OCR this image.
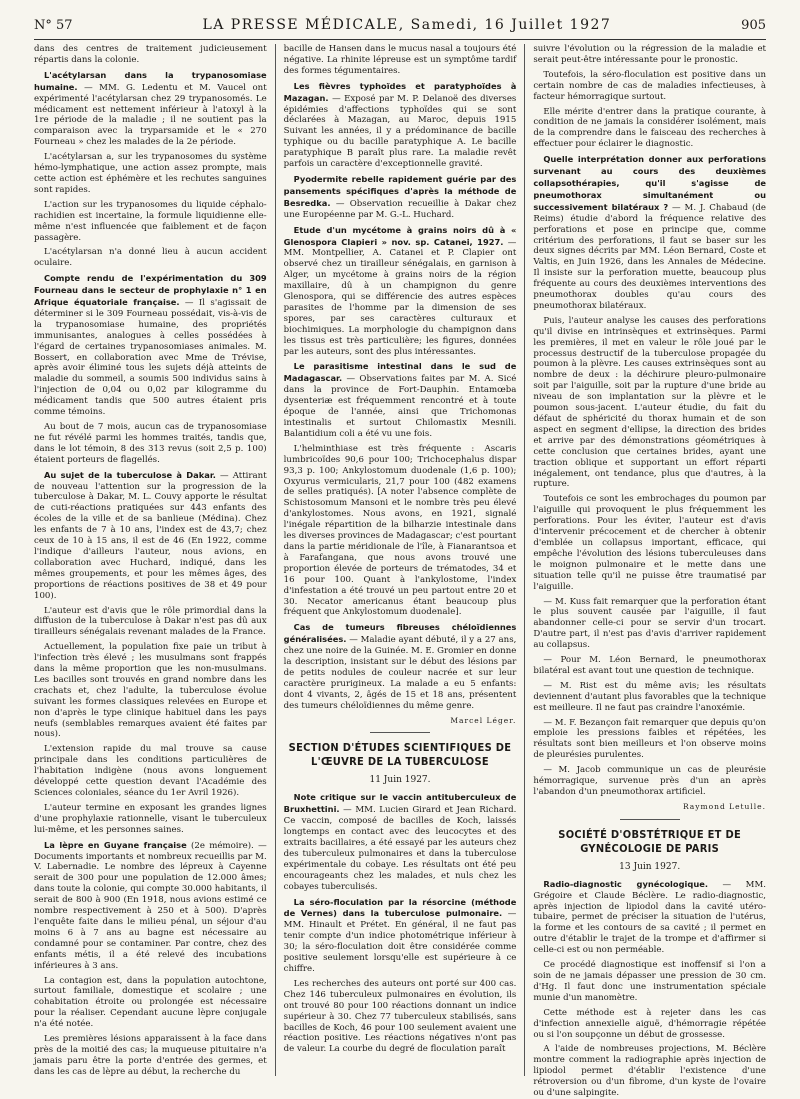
N° 57	LA PRESSE MÉDICALE, Samedi, 16 Juillet 1927	905

dans des centres de traitement judicieusement répartis dans la colonie.

L'acétylarsan dans la trypanosomiase humaine. — MM. G. Ledentu et M. Vaucel ont expérimenté l'acétylarsan chez 29 trypanosomés. Le médicament est nettement inférieur à l'atoxyl à la 1re période de la maladie ; il ne soutient pas la comparaison avec la tryparsamide et le « 270 Fourneau » chez les malades de la 2e période.

L'acétylarsan a, sur les trypanosomes du système hémo-lymphatique, une action assez prompte, mais cette action est éphémère et les rechutes sanguines sont rapides.

L'action sur les trypanosomes du liquide céphalo-rachidien est incertaine, la formule liquidienne elle-même n'est influencée que faiblement et de façon passagère.

L'acétylarsan n'a donné lieu à aucun accident oculaire.

Compte rendu de l'expérimentation du 309 Fourneau dans le secteur de prophylaxie n° 1 en Afrique équatoriale française. — Il s'agissait de déterminer si le 309 Fourneau possédait, vis-à-vis de la trypanosomiase humaine, des propriétés immunisantes, analogues à celles possédées à l'égard de certaines trypanosomiases animales. M. Bossert, en collaboration avec Mme de Trévise, après avoir éliminé tous les sujets déjà atteints de maladie du sommeil, a soumis 500 individus sains à l'injection de 0,04 ou 0,02 par kilogramme du médicament tandis que 500 autres étaient pris comme témoins.

Au bout de 7 mois, aucun cas de trypanosomiase ne fut révélé parmi les hommes traités, tandis que, dans le lot témoin, 8 des 313 revus (soit 2,5 p. 100) étaient porteurs de flagellés.

Au sujet de la tuberculose à Dakar. — Attirant de nouveau l'attention sur la progression de la tuberculose à Dakar, M. L. Couvy apporte le résultat de cuti-réactions pratiquées sur 443 enfants des écoles de la ville et de sa banlieue (Médina). Chez les enfants de 7 à 10 ans, l'index est de 43,7; chez ceux de 10 à 15 ans, il est de 46 (En 1922, comme l'indique d'ailleurs l'auteur, nous avions, en collaboration avec Huchard, indiqué, dans les mêmes groupements, et pour les mêmes âges, des proportions de réactions positives de 38 et 49 pour 100).

L'auteur est d'avis que le rôle primordial dans la diffusion de la tuberculose à Dakar n'est pas dû aux tirailleurs sénégalais revenant malades de la France.

Actuellement, la population fixe paie un tribut à l'infection très élevé ; les musulmans sont frappés dans la même proportion que les non-musulmans. Les bacilles sont trouvés en grand nombre dans les crachats et, chez l'adulte, la tuberculose évolue suivant les formes classiques relevées en Europe et non d'après le type clinique habituel dans les pays neufs (semblables remarques avaient été faites par nous).

L'extension rapide du mal trouve sa cause principale dans les conditions particulières de l'habitation indigène (nous avons longuement développé cette question devant l'Académie des Sciences coloniales, séance du 1er Avril 1926).

L'auteur termine en exposant les grandes lignes d'une prophylaxie rationnelle, visant le tuberculeux lui-même, et les personnes saines.

La lèpre en Guyane française (2e mémoire). — Documents importants et nombreux recueillis par M. V. Labernadie. Le nombre des lépreux à Cayenne serait de 300 pour une population de 12.000 âmes; dans toute la colonie, qui compte 30.000 habitants, il serait de 800 à 900 (En 1918, nous avions estimé ce nombre respectivement à 250 et à 500). D'après l'enquête faite dans le milieu pénal, un séjour d'au moins 6 à 7 ans au bagne est nécessaire au condamné pour se contaminer. Par contre, chez des enfants métis, il a été relevé des incubations inférieures à 3 ans.

La contagion est, dans la population autochtone, surtout familiale, domestique et scolaire ; une cohabitation étroite ou prolongée est nécessaire pour la réaliser. Cependant aucune lèpre conjugale n'a été notée.

Les premières lésions apparaissent à la face dans près de la moitié des cas; la muqueuse pituitaire n'a jamais paru être la porte d'entrée des germes, et dans les cas de lèpre au début, la recherche du

bacille de Hansen dans le mucus nasal a toujours été négative. La rhinite lépreuse est un symptôme tardif des formes tégumentaires.

Les fièvres typhoïdes et paratyphoïdes à Mazagan. — Exposé par M. P. Delanoë des diverses épidémies d'affections typhoïdes qui se sont déclarées à Mazagan, au Maroc, depuis 1915 Suivant les années, il y a prédominance de bacille typhique ou du bacille paratyphique A. Le bacille paratyphique B paraît plus rare. La maladie revêt parfois un caractère d'exceptionnelle gravité.

Pyodermite rebelle rapidement guérie par des pansements spécifiques d'après la méthode de Besredka. — Observation recueillie à Dakar chez une Européenne par M. G.-L. Huchard.

Etude d'un mycétome à grains noirs dû à « Glenospora Clapieri » nov. sp. Catanei, 1927. — MM. Montpellier, A. Catanei et P. Clapier ont observé chez un tirailleur sénégalais, en garnison à Alger, un mycétome à grains noirs de la région maxillaire, dû à un champignon du genre Glenospora, qui se différencie des autres espèces parasites de l'homme par la dimension de ses spores, par ses caractères culturaux et biochimiques. La morphologie du champignon dans les tissus est très particulière; les figures, données par les auteurs, sont des plus intéressantes.

Le parasitisme intestinal dans le sud de Madagascar. — Observations faites par M. A. Sicé dans la province de Fort-Dauphin. Entamœba dysenteriæ est fréquemment rencontré et à toute époque de l'année, ainsi que Trichomonas intestinalis et surtout Chilomastix Mesnili. Balantidium coli a été vu une fois.

L'helminthiase est très fréquente : Ascaris lumbricoïdes 90,6 pour 100; Trichocephalus dispar 93,3 p. 100; Ankylostomum duodenale (1,6 p. 100); Oxyurus vermicularis, 21,7 pour 100 (482 examens de selles pratiqués). [A noter l'absence complète de Schistosomum Mansoni et le nombre très peu élevé d'ankylostomes. Nous avons, en 1921, signalé l'inégale répartition de la bilharzie intestinale dans les diverses provinces de Madagascar; c'est pourtant dans la partie méridionale de l'île, à Fianarantsoa et à Farafangana, que nous avons trouvé une proportion élevée de porteurs de trématodes, 34 et 16 pour 100. Quant à l'ankylostome, l'index d'infestation a été trouvé un peu partout entre 20 et 30. Necator americanus étant beaucoup plus fréquent que Ankylostomum duodenale].

Cas de tumeurs fibreuses chéloïdiennes généralisées. — Maladie ayant débuté, il y a 27 ans, chez une noire de la Guinée. M. E. Gromier en donne la description, insistant sur le début des lésions par de petits nodules de couleur nacrée et sur leur caractère prurigineux. La malade a eu 5 enfants: dont 4 vivants, 2, âgés de 15 et 18 ans, présentent des tumeurs chéloïdiennes du même genre.

Marcel Léger.
SECTION D'ÉTUDES SCIENTIFIQUES DE L'ŒUVRE DE LA TUBERCULOSE
11 Juin 1927.

Note critique sur le vaccin antituberculeux de Bruxhettini. — MM. Lucien Girard et Jean Richard. Ce vaccin, composé de bacilles de Koch, laissés longtemps en contact avec des leucocytes et des extraits bacillaires, a été essayé par les auteurs chez des tuberculeux pulmonaires et dans la tuberculose expérimentale du cobaye. Les résultats ont été peu encourageants chez les malades, et nuls chez les cobayes tuberculisés.

La séro-floculation par la résorcine (méthode de Vernes) dans la tuberculose pulmonaire. — MM. Hinault et Prétet. En général, il ne faut pas tenir compte d'un indice photométrique inférieur à 30; la séro-floculation doit être considérée comme positive seulement lorsqu'elle est supérieure à ce chiffre.

Les recherches des auteurs ont porté sur 400 cas. Chez 146 tuberculeux pulmonaires en évolution, ils ont trouvé 80 pour 100 réactions donnant un indice supérieur à 30. Chez 77 tuberculeux stabilisés, sans bacilles de Koch, 46 pour 100 seulement avaient une réaction positive. Les réactions négatives n'ont pas de valeur. La courbe du degré de floculation paraît

suivre l'évolution ou la régression de la maladie et serait peut-être intéressante pour le pronostic.

Toutefois, la séro-floculation est positive dans un certain nombre de cas de maladies infectieuses, à facteur hémorragique surtout.

Elle mérite d'entrer dans la pratique courante, à condition de ne jamais la considérer isolément, mais de la comprendre dans le faisceau des recherches à effectuer pour éclairer le diagnostic.

Quelle interprétation donner aux perforations survenant au cours des deuxièmes collapsothérapies, qu'il s'agisse de pneumothorax simultanément ou successivement bilatéraux ? — M. J. Chabaud (de Reims) étudie d'abord la fréquence relative des perforations et pose en principe que, comme critérium des perforations, il faut se baser sur les deux signes décrits par MM. Léon Bernard, Coste et Valtis, en Juin 1926, dans les Annales de Médecine. Il insiste sur la perforation muette, beaucoup plus fréquente au cours des deuxièmes interventions des pneumothorax doubles qu'au cours des pneumothorax bilatéraux.

Puis, l'auteur analyse les causes des perforations qu'il divise en intrinsèques et extrinsèques. Parmi les premières, il met en valeur le rôle joué par le processus destructif de la tuberculose propagée du poumon à la plèvre. Les causes extrinsèques sont au nombre de deux : la déchirure pleuro-pulmonaire soit par l'aiguille, soit par la rupture d'une bride au niveau de son implantation sur la plèvre et le poumon sous-jacent. L'auteur étudie, du fait du défaut de sphéricité du thorax humain et de son aspect en segment d'ellipse, la direction des brides et arrive par des démonstrations géométriques à cette conclusion que certaines brides, ayant une traction oblique et supportant un effort réparti inégalement, ont tendance, plus que d'autres, à la rupture.

Toutefois ce sont les embrochages du poumon par l'aiguille qui provoquent le plus fréquemment les perforations. Pour les éviter, l'auteur est d'avis d'intervenir précocement et de chercher à obtenir d'emblée un collapsus important, efficace, qui empêche l'évolution des lésions tuberculeuses dans le moignon pulmonaire et le mette dans une situation telle qu'il ne puisse être traumatisé par l'aiguille.

— M. Kuss fait remarquer que la perforation étant le plus souvent causée par l'aiguille, il faut abandonner celle-ci pour se servir d'un trocart. D'autre part, il n'est pas d'avis d'arriver rapidement au collapsus.

— Pour M. Léon Bernard, le pneumothorax bilatéral est avant tout une question de technique.

— M. Rist est du même avis; les résultats deviennent d'autant plus favorables que la technique est meilleure. Il ne faut pas craindre l'anoxémie.

— M. F. Bezançon fait remarquer que depuis qu'on emploie les pressions faibles et répétées, les résultats sont bien meilleurs et l'on observe moins de pleurésies purulentes.

— M. Jacob communique un cas de pleurésie hémorragique, survenue près d'un an après l'abandon d'un pneumothorax artificiel.

Raymond Letulle.
SOCIÉTÉ D'OBSTÉTRIQUE ET DE GYNÉCOLOGIE DE PARIS
13 Juin 1927.

Radio-diagnostic gynécologique. — MM. Grégoire et Claude Béclère. Le radio-diagnostic, après injection de lipiodol dans la cavité utéro-tubaire, permet de préciser la situation de l'utérus, la forme et les contours de sa cavité ; il permet en outre d'établir le trajet de la trompe et d'affirmer si celle-ci est ou non perméable.

Ce procédé diagnostique est inoffensif si l'on a soin de ne jamais dépasser une pression de 30 cm. d'Hg. Il faut donc une instrumentation spéciale munie d'un manomètre.

Cette méthode est à rejeter dans les cas d'infection annexielle aiguë, d'hémorragie répétée ou si l'on soupçonne un début de grossesse.

A l'aide de nombreuses projections, M. Béclère montre comment la radiographie après injection de lipiodol permet d'établir l'existence d'une rétroversion ou d'un fibrome, d'un kyste de l'ovaire ou d'une salpingite.
